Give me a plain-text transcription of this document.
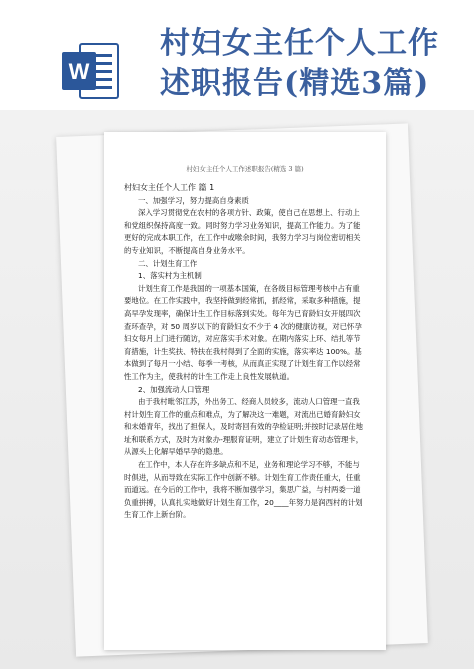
W
村妇女主任个人工作述职报告(精选3篇)
村妇女主任个人工作述职报告(精选 3 篇)

村妇女主任个人工作 篇 1

一、加强学习，努力提高自身素质

深入学习贯彻党在农村的各项方针、政策，使自己在思想上、行动上和党组织保持高度一致。同时努力学习业务知识，提高工作能力。为了能更好的完成本职工作，在工作中或喉余时间，我努力学习与岗位密切相关的专业知识，不断提高自身业务水平。

二、计划生育工作

1、落实村为主机制

计划生育工作是我国的一项基本国策，在各级目标管理考核中占有重要地位。在工作实践中，我坚持做到经常抓，抓经常，采取多种措施，提高早孕发现率，确保计生工作目标落到实处。每年为已育龄妇女开展四次查环查孕，对 50 周岁以下的育龄妇女不少于 4 次的健康访视，对已怀孕妇女每月上门进行随访，对应落实手术对象。在期内落实上环、结扎等节育措施，计生奖扶、特扶在我村得到了全面的实施，落实率达 100%。基本做到了每月一小结、每季一考核，从而真正实现了计划生育工作以经常性工作为主，使我村的计生工作走上良性发展轨道。

2、加强流动人口管理

由于我村毗邻江苏，外出务工、经商人员较多，流动人口管理一直我村计划生育工作的重点和难点，为了解决这一难题，对流出已婚育龄妇女和未婚青年，找出了担保人，及时寄回有效的孕检证明;并按时记录居住地址和联系方式，及时为对象办-理服育证明，建立了计划生育动态管理卡，从源头上化解早婚早孕的隐患。

在工作中，本人存在许多缺点和不足，业务和理论学习不够，不能与时俱进，从而导致在实际工作中创新不够。计划生育工作责任重大，任重而道远。在今后的工作中，我将不断加强学习，集思广益，与村两委一道负重拼搏，认真扎实地做好计划生育工作，20____年努力是润西村的计划生育工作上新台阶。
